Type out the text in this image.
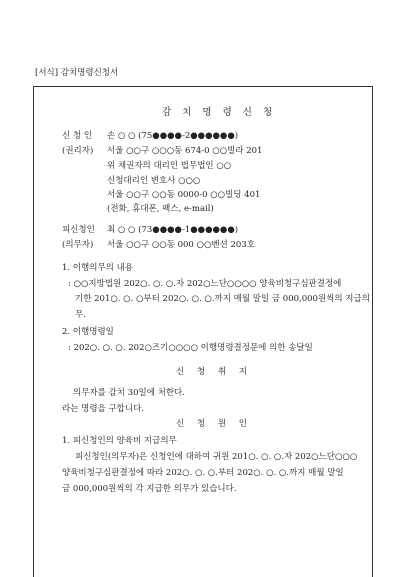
[서식] 감치명령신청서
감 치 명 령 신 청
신 청 인
(권리자)
손 ○ ○ (75●●●●-2●●●●●●)
서울 ○○구 ○○○동 674-0 ○○빌라 201
위 채권자의 대리인 법무법인 ○○
신청대리인 변호사 ○○○
서울 ○○구 ○○동 0000-0 ○○빌딩 401
(전화, 휴대폰, 팩스, e-mail)
피신청인
(의무자)
최 ○ ○ (73●●●●-1●●●●●●)
서울 ○○구 ○○동 000 ○○벤션 203호
1. 이행의무의 내용
: ○○지방법원 202○. ○. ○.자 202○느단○○○○ 양육비청구심판결정에
기한 201○. ○. ○부터 202○. ○. ○.까지 매월 말일 금 000,000원씩의 지급의
무.
2. 이행명령일
: 202○. ○. ○. 202○즈기○○○○ 이행명령결정문에 의한 송달일
신 청 취 지
의무자를 감치 30일에 처한다.
라는 명령을 구합니다.
신 청 원 인
1. 피신청인의 양육비 지급의무
피신청인(의무자)은 신청인에 대하여 귀원 201○. ○. ○.자 202○느단○○○
양육비청구심판결정에 따라 202○. ○. ○.부터 202○. ○. ○.까지 매월 말일
금 000,000원씩의 각 지급한 의무가 있습니다.
